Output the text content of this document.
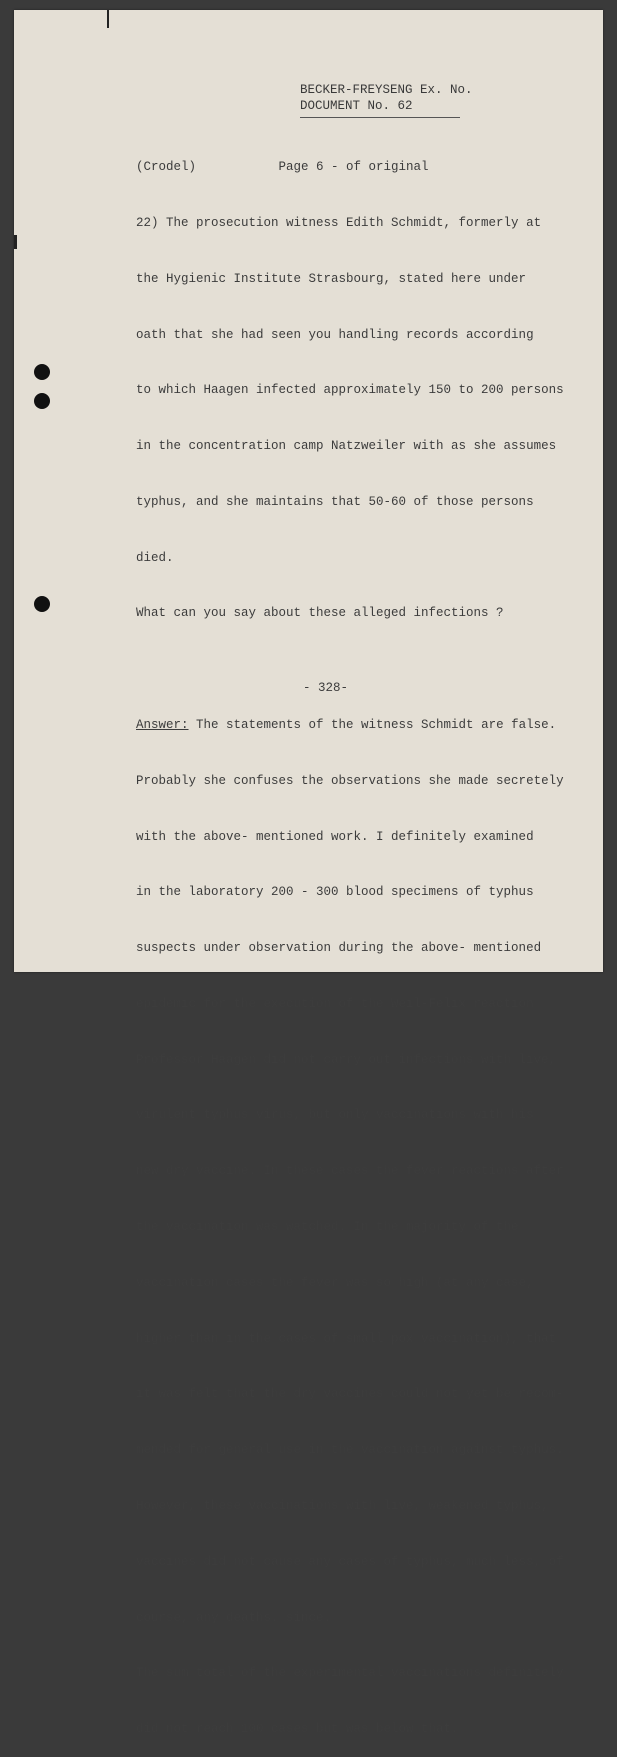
BECKER-FREYSENG Ex. No.
DOCUMENT No. 62

(Crodel)	Page 6 - of original

22) The prosecution witness Edith Schmidt, formerly at

the Hygienic Institute Strasbourg, stated here under

oath that she had seen you handling records according

to which Haagen infected approximately 150 to 200 persons

in the concentration camp Natzweiler with as she assumes

typhus, and she maintains that 50-60 of those persons

died.

What can you say about these alleged infections ?

Answer: The statements of the witness Schmidt are false.

Probably she confuses the observations she made secretely

with the above- mentioned work. I definitely examined

in the laboratory 200 - 300 blood specimens of typhus

suspects under observation during the above- mentioned

epidemic for the execution of the Weil-Felix reaction

Professor Haagen did not carry out infections with live,

virulent typhus virus, but only vaccinations with his

new dry vaccine. In these cases the fever reactions after

the vaccination was watched. In the majority of the

vaccination cases the fever was so high (at any case,

higher than in the cases of small pox vaccination), that

it was felt that the dry vaccines could not yet be recom-

mended for general use in the vaccination against typhus.

However, these vaccinations with live, weakened typhus,

vaccines did not cause any cases of typhus, much less, of

course, any deaths. since.

The sum total of the experimental vaccinations definitely

did not reach 100 cases but was below that.

- 328-
